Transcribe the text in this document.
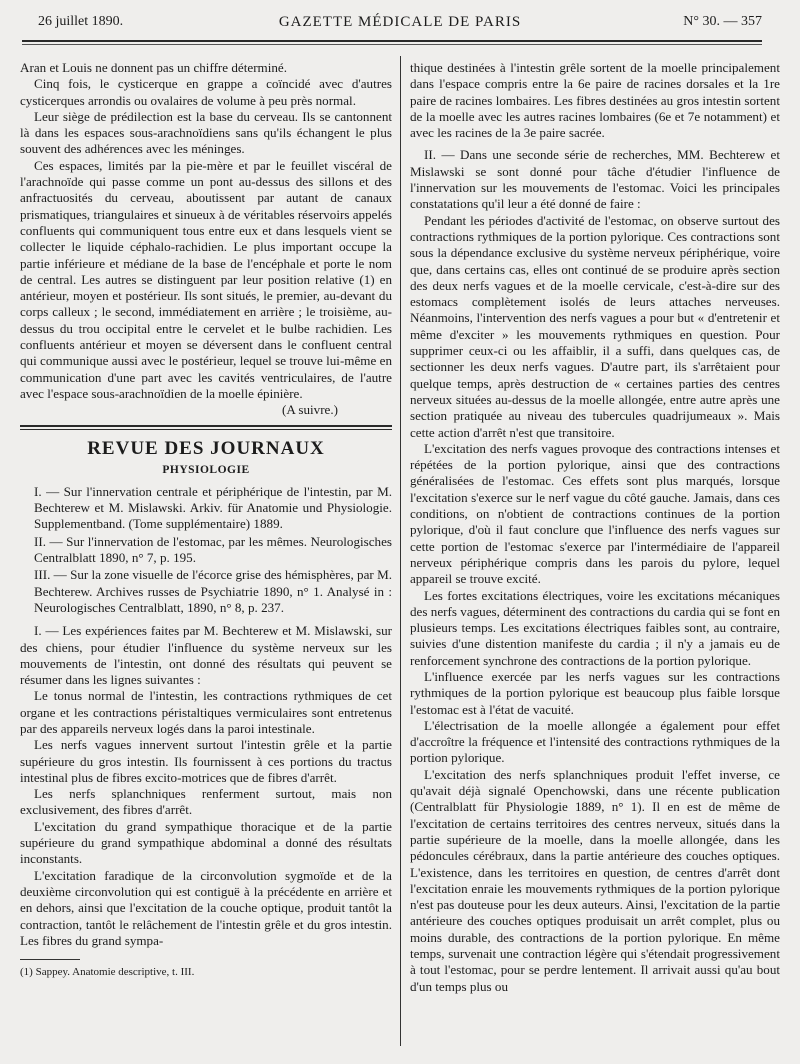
26 juillet 1890.	GAZETTE MÉDICALE DE PARIS	N° 30. — 357

Aran et Louis ne donnent pas un chiffre déterminé.

Cinq fois, le cysticerque en grappe a coïncidé avec d'autres cysticerques arrondis ou ovalaires de volume à peu près normal.

Leur siège de prédilection est la base du cerveau. Ils se cantonnent là dans les espaces sous-arachnoïdiens sans qu'ils échangent le plus souvent des adhérences avec les méninges.

Ces espaces, limités par la pie-mère et par le feuillet viscéral de l'arachnoïde qui passe comme un pont au-dessus des sillons et des anfractuosités du cerveau, aboutissent par autant de canaux prismatiques, triangulaires et sinueux à de véritables réservoirs appelés confluents qui communiquent tous entre eux et dans lesquels vient se collecter le liquide céphalo-rachidien. Le plus important occupe la partie inférieure et médiane de la base de l'encéphale et porte le nom de central. Les autres se distinguent par leur position relative (1) en antérieur, moyen et postérieur. Ils sont situés, le premier, au-devant du corps calleux ; le second, immédiatement en arrière ; le troisième, au-dessus du trou occipital entre le cervelet et le bulbe rachidien. Les confluents antérieur et moyen se déversent dans le confluent central qui communique aussi avec le postérieur, lequel se trouve lui-même en communication d'une part avec les cavités ventriculaires, de l'autre avec l'espace sous-arachnoïdien de la moelle épinière.

(A suivre.)

REVUE DES JOURNAUX
PHYSIOLOGIE
I. — Sur l'innervation centrale et périphérique de l'intestin, par M. Bechterew et M. Mislawski. Arkiv. für Anatomie und Physiologie. Supplementband. (Tome supplémentaire) 1889.
II. — Sur l'innervation de l'estomac, par les mêmes. Neurologisches Centralblatt 1890, n° 7, p. 195.
III. — Sur la zone visuelle de l'écorce grise des hémisphères, par M. Bechterew. Archives russes de Psychiatrie 1890, n° 1. Analysé in : Neurologisches Centralblatt, 1890, n° 8, p. 237.

I. — Les expériences faites par M. Bechterew et M. Mislawski, sur des chiens, pour étudier l'influence du système nerveux sur les mouvements de l'intestin, ont donné des résultats qui peuvent se résumer dans les lignes suivantes :

Le tonus normal de l'intestin, les contractions rythmiques de cet organe et les contractions péristaltiques vermiculaires sont entretenus par des appareils nerveux logés dans la paroi intestinale.

Les nerfs vagues innervent surtout l'intestin grêle et la partie supérieure du gros intestin. Ils fournissent à ces portions du tractus intestinal plus de fibres excito-motrices que de fibres d'arrêt.

Les nerfs splanchniques renferment surtout, mais non exclusivement, des fibres d'arrêt.

L'excitation du grand sympathique thoracique et de la partie supérieure du grand sympathique abdominal a donné des résultats inconstants.

L'excitation faradique de la circonvolution sygmoïde et de la deuxième circonvolution qui est contiguë à la précédente en arrière et en dehors, ainsi que l'excitation de la couche optique, produit tantôt la contraction, tantôt le relâchement de l'intestin grêle et du gros intestin. Les fibres du grand sympa-

(1) Sappey. Anatomie descriptive, t. III.

thique destinées à l'intestin grêle sortent de la moelle principalement dans l'espace compris entre la 6e paire de racines dorsales et la 1re paire de racines lombaires. Les fibres destinées au gros intestin sortent de la moelle avec les autres racines lombaires (6e et 7e notamment) et avec les racines de la 3e paire sacrée.

II. — Dans une seconde série de recherches, MM. Bechterew et Mislawski se sont donné pour tâche d'étudier l'influence de l'innervation sur les mouvements de l'estomac. Voici les principales constatations qu'il leur a été donné de faire :

Pendant les périodes d'activité de l'estomac, on observe surtout des contractions rythmiques de la portion pylorique. Ces contractions sont sous la dépendance exclusive du système nerveux périphérique, voire que, dans certains cas, elles ont continué de se produire après section des deux nerfs vagues et de la moelle cervicale, c'est-à-dire sur des estomacs complètement isolés de leurs attaches nerveuses. Néanmoins, l'intervention des nerfs vagues a pour but « d'entretenir et même d'exciter » les mouvements rythmiques en question. Pour supprimer ceux-ci ou les affaiblir, il a suffi, dans quelques cas, de sectionner les deux nerfs vagues. D'autre part, ils s'arrêtaient pour quelque temps, après destruction de « certaines parties des centres nerveux situées au-dessus de la moelle allongée, entre autre après une section pratiquée au niveau des tubercules quadrijumeaux ». Mais cette action d'arrêt n'est que transitoire.

L'excitation des nerfs vagues provoque des contractions intenses et répétées de la portion pylorique, ainsi que des contractions généralisées de l'estomac. Ces effets sont plus marqués, lorsque l'excitation s'exerce sur le nerf vague du côté gauche. Jamais, dans ces conditions, on n'obtient de contractions continues de la portion pylorique, d'où il faut conclure que l'influence des nerfs vagues sur cette portion de l'estomac s'exerce par l'intermédiaire de l'appareil nerveux périphérique compris dans les parois du pylore, lequel appareil se trouve excité.

Les fortes excitations électriques, voire les excitations mécaniques des nerfs vagues, déterminent des contractions du cardia qui se font en plusieurs temps. Les excitations électriques faibles sont, au contraire, suivies d'une distention manifeste du cardia ; il n'y a jamais eu de renforcement synchrone des contractions de la portion pylorique.

L'influence exercée par les nerfs vagues sur les contractions rythmiques de la portion pylorique est beaucoup plus faible lorsque l'estomac est à l'état de vacuité.

L'électrisation de la moelle allongée a également pour effet d'accroître la fréquence et l'intensité des contractions rythmiques de la portion pylorique.

L'excitation des nerfs splanchniques produit l'effet inverse, ce qu'avait déjà signalé Openchowski, dans une récente publication (Centralblatt für Physiologie 1889, n° 1). Il en est de même de l'excitation de certains territoires des centres nerveux, situés dans la partie supérieure de la moelle, dans la moelle allongée, dans les pédoncules cérébraux, dans la partie antérieure des couches optiques. L'existence, dans les territoires en question, de centres d'arrêt dont l'excitation enraie les mouvements rythmiques de la portion pylorique n'est pas douteuse pour les deux auteurs. Ainsi, l'excitation de la partie antérieure des couches optiques produisait un arrêt complet, plus ou moins durable, des contractions de la portion pylorique. En même temps, survenait une contraction légère qui s'étendait progressivement à tout l'estomac, pour se perdre lentement. Il arrivait aussi qu'au bout d'un temps plus ou
